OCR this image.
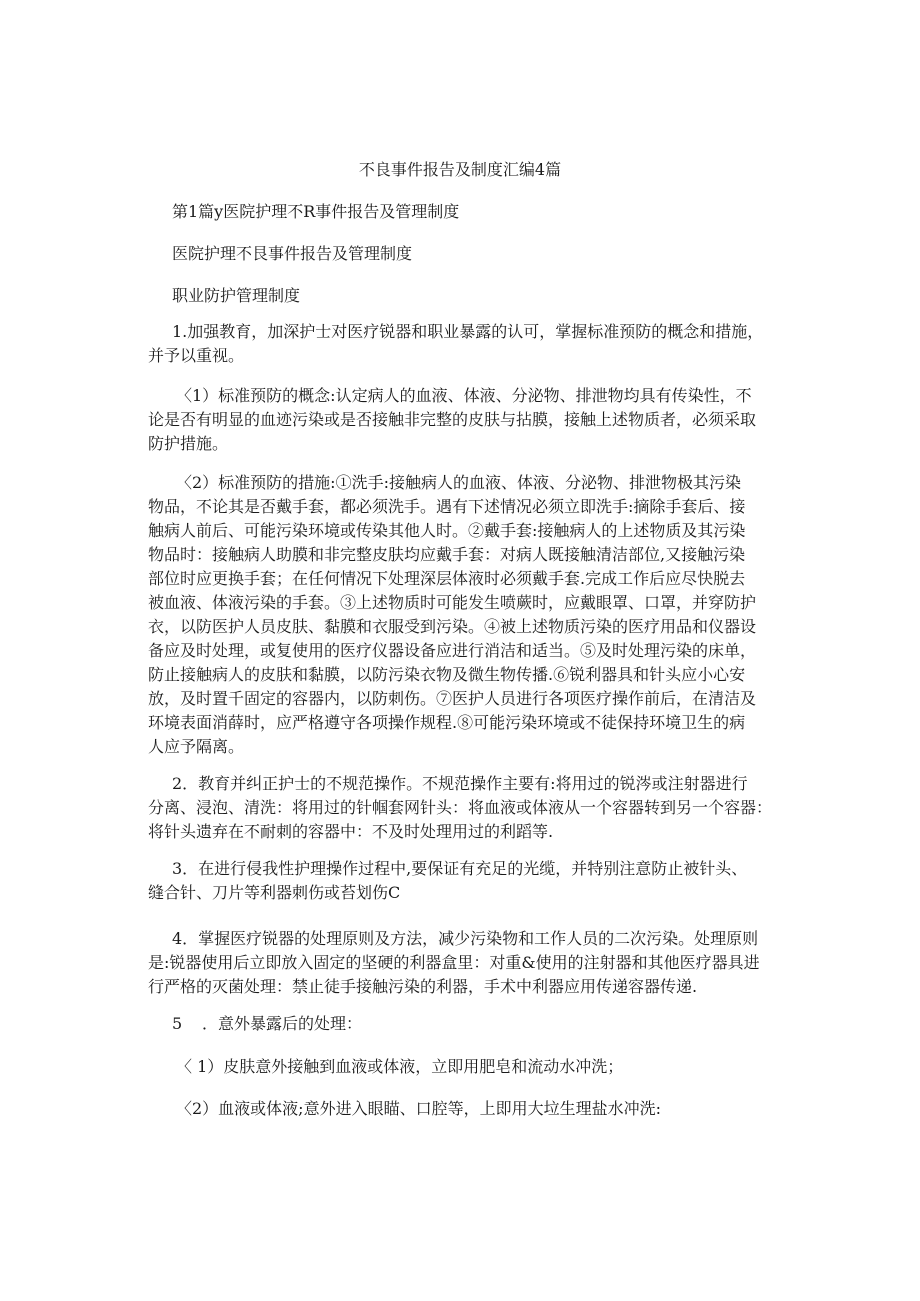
不良事件报告及制度汇编4篇
第1篇y医院护理不R事件报告及管理制度
医院护理不艮事件报告及管理制度
职业防护管理制度
1.加强教育，加深护士对医疗锐器和职业暴露的认可，掌握标准预防的概念和措施，
并予以重视。
〈1）标准预防的概念:认定病人的血液、体液、分泌物、排泄物均具有传染性，不
论是否有明显的血迹污染或是否接触非完整的皮肤与拈膜，接触上述物质者，必须采取
防护措施。
〈2）标准预防的措施:①洗手:接触病人的血液、体液、分泌物、排泄物极其污染
物品，不论其是否戴手套，都必须洗手。遇有下述情况必须立即洗手:摘除手套后、接
触病人前后、可能污染环境或传染其他人时。②戴手套:接触病人的上述物质及其污染
物品时：接触病人助膜和非完整皮肤均应戴手套：对病人既接触清洁部位,又接触污染
部位时应更换手套；在任何情况下处理深层体液时必须戴手套.完成工作后应尽快脱去
被血液、体液污染的手套。③上述物质时可能发生喷蕨时，应戴眼罩、口罩，并穿防护
衣，以防医护人员皮肤、黏膜和衣服受到污染。④被上述物质污染的医疗用品和仪器设
备应及时处理，或复使用的医疗仪器设备应进行消洁和适当。⑤及时处理污染的床单，
防止接触病人的皮肤和黏膜，以防污染衣物及微生物传播.⑥锐利器具和针头应小心安
放，及时置千固定的容器内，以防刺伤。⑦医护人员进行各项医疗操作前后，在清洁及
环境表面消薛时，应严格遵守各项操作规程.⑧可能污染环境或不徒保持环境卫生的病
人应予隔离。
2．教育并纠正护士的不规范操作。不规范操作主要有:将用过的锐涔或注射器进行
分离、浸泡、清洗：将用过的针帼套网针头：将血液或体液从一个容器转到另一个容器：
将针头遗弃在不耐刺的容器中：不及时处理用过的利蹈等.
3．在进行侵我性护理操作过程中,要保证有充足的光缆，并特别注意防止被针头、
缝合针、刀片等利器刺伤或苔划伤C
4．掌握医疗锐器的处理原则及方法，减少污染物和工作人员的二次污染。处理原则
是:锐器使用后立即放入固定的坚硬的利器盒里：对重&使用的注射器和其他医疗器具进
行严格的灭菌处理：禁止徒手接触污染的利器，手术中利器应用传递容器传递.
5 ．意外暴露后的处理：
〈 1）皮肤意外接触到血液或体液，立即用肥皂和流动水冲洗；
〈2）血液或体液;意外进入眼瞄、口腔等，上即用大垃生理盐水冲洗:
